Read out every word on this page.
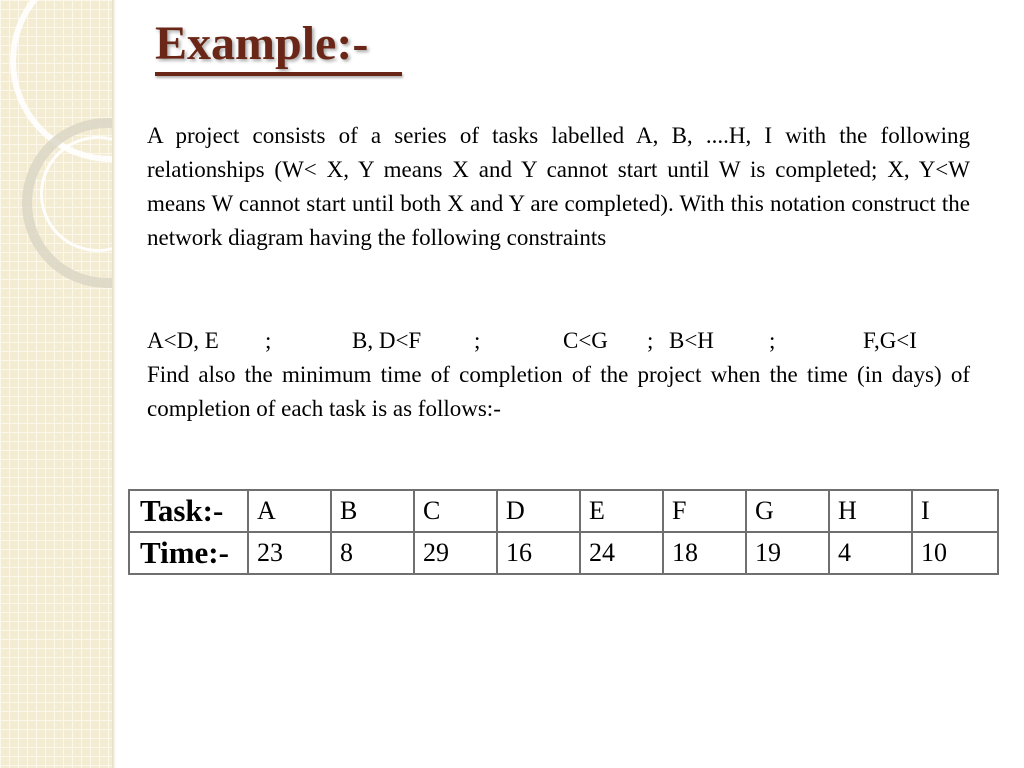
Example:-

A project consists of a series of tasks labelled A, B, ....H, I with the following relationships (W< X, Y means X and Y cannot start until W is completed; X, Y<W means W cannot start until both X and Y are completed). With this notation construct the network diagram having the following constraints

A<D, E ;	B, D<F ;	C<G ; B<H ;	F,G<I

Find also the minimum time of completion of the project when the time (in days) of completion of each task is as follows:-

Task:-	A	B	C	D	E	F	G	H	I
Time:-	23	8	29	16	24	18	19	4	10
